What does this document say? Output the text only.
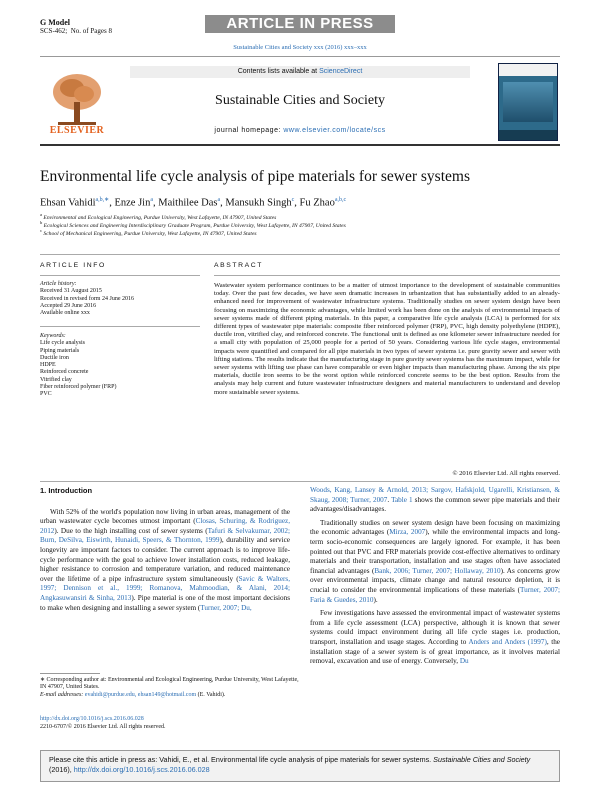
G Model
SCS-462; No. of Pages 8	ARTICLE IN PRESS
Sustainable Cities and Society xxx (2016) xxx–xxx
ELSEVIER
Contents lists available at ScienceDirect
Sustainable Cities and Society
journal homepage: www.elsevier.com/locate/scs
Environmental life cycle analysis of pipe materials for sewer systems
Ehsan Vahidi$^{a,b,∗}$, Enze Jin$^a$, Maithilee Das$^a$, Mansukh Singh$^c$, Fu Zhao$^{a,b,c}$
$^a$ Environmental and Ecological Engineering, Purdue University, West Lafayette, IN 47907, United States
$^b$ Ecological Sciences and Engineering Interdisciplinary Graduate Program, Purdue University, West Lafayette, IN 47907, United States
$^c$ School of Mechanical Engineering, Purdue University, West Lafayette, IN 47907, United States
ARTICLE INFO	ABSTRACT
Article history:
Received 31 August 2015
Received in revised form 24 June 2016
Accepted 29 June 2016
Available online xxx
Keywords:
Life cycle analysis
Piping materials
Ductile iron
HDPE
Reinforced concrete
Vitrified clay
Fiber reinforced polymer (FRP)
PVC
Wastewater system performance continues to be a matter of utmost importance to the development of sustainable communities today. Over the past few decades, we have seen dramatic increases in urbanization that has substantially added to an already-enhanced need for improvement of wastewater infrastructure systems. Traditionally studies on sewer system design have been focusing on maximizing the economic advantages, while limited work has been done on the analysis of environmental impacts of sewer systems made of different piping materials. In this paper, a comparative life cycle analysis (LCA) is performed for six different types of wastewater pipe materials: composite fiber reinforced polymer (FRP), PVC, high density polyethylene (HDPE), ductile iron, vitrified clay, and reinforced concrete. The functional unit is defined as one kilometer sewer infrastructure needed for a small city with population of 25,000 people for a period of 50 years. Considering various life cycle stages, environmental impacts were quantified and compared for all pipe materials in two types of sewer systems i.e. pure gravity sewer and sewer with lifting stations. The results indicate that the manufacturing stage in pure gravity sewer systems has the maximum impact, while for sewer systems with lifting use phase can have comparable or even higher impacts than manufacturing phase. Among the six pipe materials, ductile iron seems to be the worst option while reinforced concrete seems to be the best option. Results from the analysis may help current and future wastewater infrastructure designers and material manufacturers to understand and develop more sustainable sewer systems.
© 2016 Elsevier Ltd. All rights reserved.

1. Introduction

With 52% of the world's population now living in urban areas, management of the urban wastewater cycle becomes utmost important (Closas, Schuring, & Rodriguez, 2012). Due to the high installing cost of sewer systems (Tafuri & Selvakumar, 2002; Burn, DeSilva, Eiswirth, Hunaidi, Speers, & Thornton, 1999), durability and service longevity are important factors to consider. The current approach is to improve life-cycle performance with the goal to achieve lower installation costs, reduced leakage, higher resistance to corrosion and temperature variation, and reduced maintenance over the lifetime of a pipe infrastructure system simultaneously (Savic & Walters, 1997; Dennison et al., 1999; Romanova, Mahmoodian, & Alani, 2014; Angkasuwansiri & Sinha, 2013). Pipe material is one of the most important decisions to make when designing and installing a sewer system (Turner, 2007; Du,

Woods, Kang, Lansey & Arnold, 2013; Sargov, Hafskjold, Ugarelli, Kristiansen, & Skaug, 2008; Turner, 2007. Table 1 shows the common sewer pipe materials and their advantages/disadvantages.

Traditionally studies on sewer system design have been focusing on maximizing the economic advantages (Mirza, 2007), while the environmental impacts and long-term socio-economic consequences are largely ignored. For example, it has been pointed out that PVC and FRP materials provide cost-effective alternatives to ordinary materials and their transportation, installation and use stages often have associated financial advantages (Bank, 2006; Turner, 2007; Hollaway, 2010). As concerns grow over environmental impacts, climate change and natural resource depletion, it is crucial to consider the environmental implications of these materials (Turner, 2007; Faria & Guedes, 2010).

Few investigations have assessed the environmental impact of wastewater systems from a life cycle assessment (LCA) perspective, although it is known that sewer systems could impact environment during all life cycle stages i.e. production, transport, installation and usage stages. According to Anders and Anders (1997), the installation stage of a sewer system is of great importance, as it involves material removal, excavation and use of energy. Conversely, Du

∗ Corresponding author at: Environmental and Ecological Engineering, Purdue University, West Lafayette, IN 47907, United States.
E-mail addresses: evahidi@purdue.edu, ehsan149@hotmail.com (E. Vahidi).
http://dx.doi.org/10.1016/j.scs.2016.06.028
2210-6707/© 2016 Elsevier Ltd. All rights reserved.
Please cite this article in press as: Vahidi, E., et al. Environmental life cycle analysis of pipe materials for sewer systems. Sustainable Cities and Society (2016), http://dx.doi.org/10.1016/j.scs.2016.06.028
